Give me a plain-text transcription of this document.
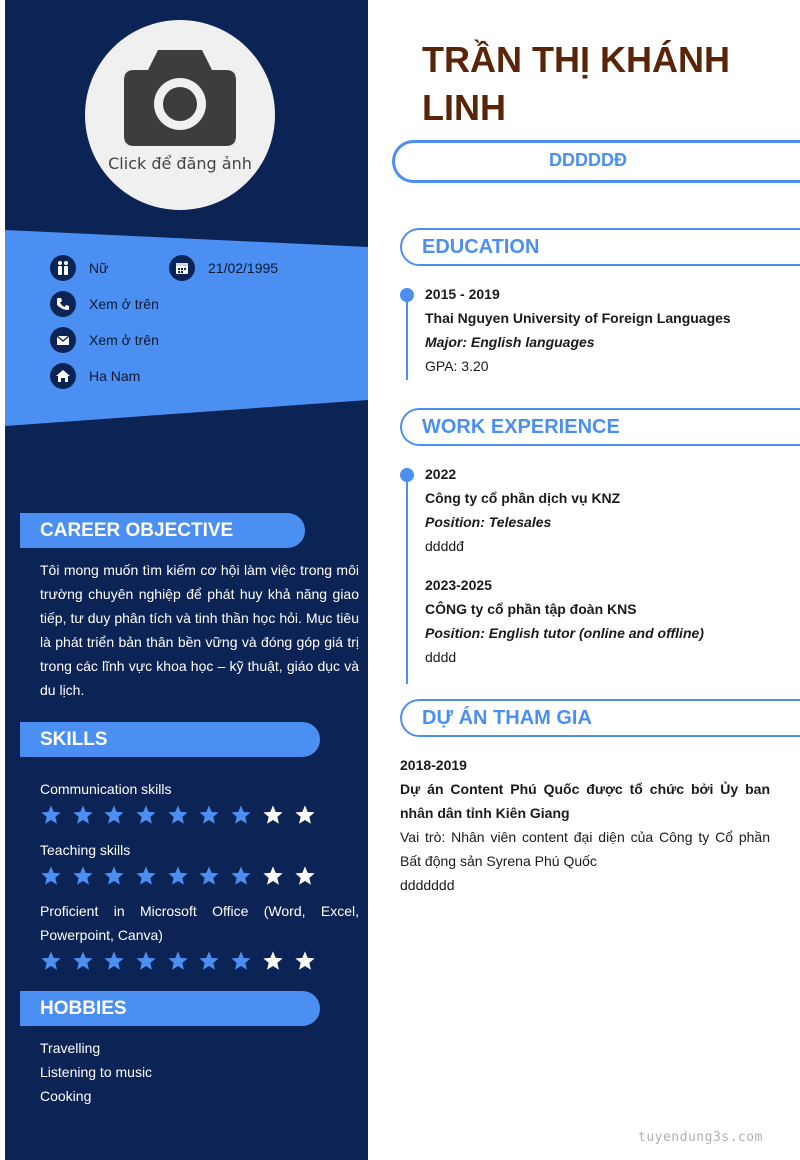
Click để đăng ảnh
Nữ	21/02/1995
Xem ở trên
Xem ở trên
Ha Nam
CAREER OBJECTIVE
Tôi mong muốn tìm kiếm cơ hội làm việc trong môi trường chuyên nghiệp để phát huy khả năng giao tiếp, tư duy phân tích và tinh thần học hỏi. Mục tiêu là phát triển bản thân bền vững và đóng góp giá trị trong các lĩnh vực khoa học – kỹ thuật, giáo dục và du lịch.
SKILLS
Communication skills
Teaching skills
Proficient in Microsoft Office (Word, Excel, Powerpoint, Canva)
HOBBIES
Travelling
Listening to music
Cooking
TRẦN THỊ KHÁNH LINH
DDDDDĐ
EDUCATION
2015 - 2019
Thai Nguyen University of Foreign Languages
Major: English languages
GPA: 3.20
WORK EXPERIENCE
2022
Công ty cổ phần dịch vụ KNZ
Position: Telesales
ddddđ
2023-2025
CÔNG ty cổ phần tập đoàn KNS
Position: English tutor (online and offline)
dddd
DỰ ÁN THAM GIA
2018-2019
Dự án Content Phú Quốc được tổ chức bởi Ủy ban nhân dân tỉnh Kiên Giang
Vai trò: Nhân viên content đại diện của Công ty Cổ phần Bất động sản Syrena Phú Quốc
ddddddd
tuyendung3s.com
